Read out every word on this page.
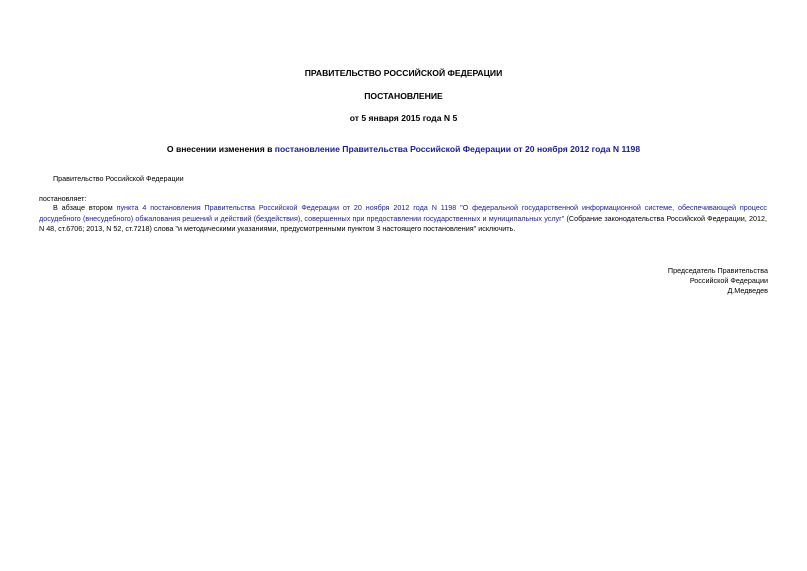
ПРАВИТЕЛЬСТВО РОССИЙСКОЙ ФЕДЕРАЦИИ
ПОСТАНОВЛЕНИЕ
от 5 января 2015 года N 5
О внесении изменения в постановление Правительства Российской Федерации от 20 ноября 2012 года N 1198
Правительство Российской Федерации
постановляет:
В абзаце втором пункта 4 постановления Правительства Российской Федерации от 20 ноября 2012 года N 1198 "О федеральной государственной информационной системе, обеспечивающей процесс досудебного (внесудебного) обжалования решений и действий (бездействия), совершенных при предоставлении государственных и муниципальных услуг" (Собрание законодательства Российской Федерации, 2012, N 48, ст.6706; 2013, N 52, ст.7218) слова "и методическими указаниями, предусмотренными пунктом 3 настоящего постановления" исключить.
Председатель Правительства
Российской Федерации
Д.Медведев
